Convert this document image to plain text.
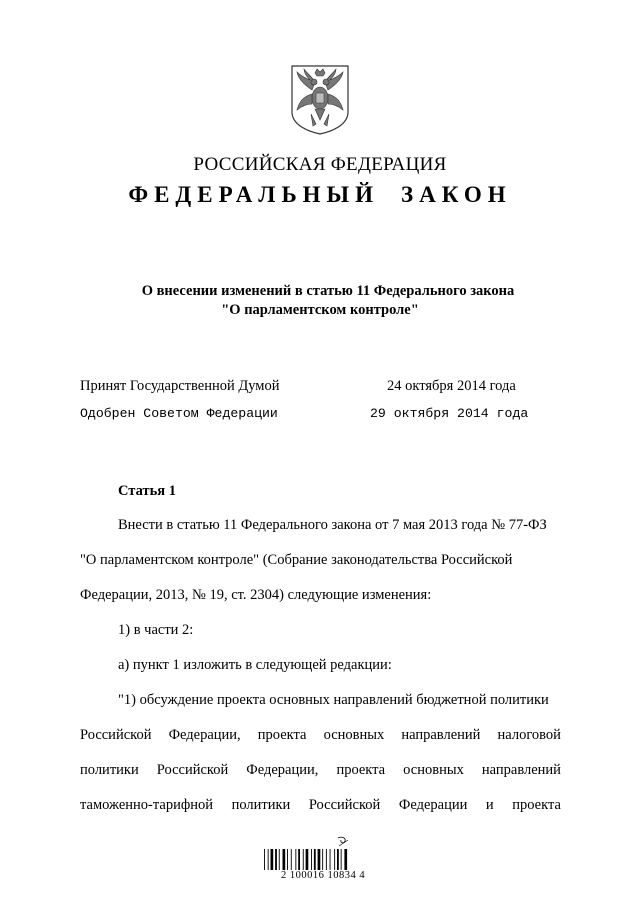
РОССИЙСКАЯ ФЕДЕРАЦИЯ
ФЕДЕРАЛЬНЫЙ ЗАКОН
О внесении изменений в статью 11 Федерального закона
"О парламентском контроле"
Принят Государственной Думой	24 октября 2014 года
Одобрен Советом Федерации	29 октября 2014 года
Статья 1
Внести в статью 11 Федерального закона от 7 мая 2013 года № 77-ФЗ
"О парламентском контроле" (Собрание законодательства Российской
Федерации, 2013, № 19, ст. 2304) следующие изменения:
1) в части 2:
а) пункт 1 изложить в следующей редакции:
"1) обсуждение проекта основных направлений бюджетной политики
Российской Федерации, проекта основных направлений налоговой
политики Российской Федерации, проекта основных направлений
таможенно-тарифной политики Российской Федерации и проекта
2 100016 10834 4
